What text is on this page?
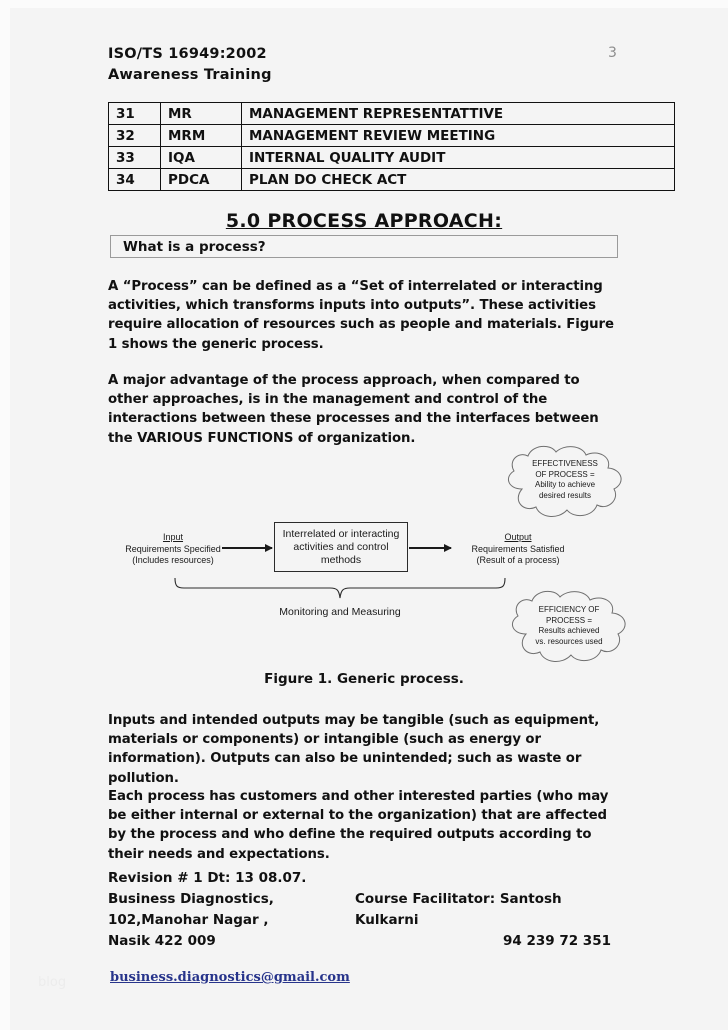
ISO/TS 16949:2002
Awareness Training
3
31	MR	MANAGEMENT REPRESENTATTIVE
32	MRM	MANAGEMENT REVIEW MEETING
33	IQA	INTERNAL QUALITY AUDIT
34	PDCA	PLAN DO CHECK ACT
5.0 PROCESS APPROACH:
What is a process?
A “Process” can be defined as a “Set of interrelated or interacting activities, which transforms inputs into outputs”. These activities require allocation of resources such as people and materials. Figure 1 shows the generic process.
A major advantage of the process approach, when compared to other approaches, is in the management and control of the interactions between these processes and the interfaces between the VARIOUS FUNCTIONS of organization.
EFFECTIVENESS
OF PROCESS =
Ability to achieve
desired results
EFFICIENCY OF
PROCESS =
Results achieved
vs. resources used
Input
Requirements Specified
(Includes resources)
Interrelated or interacting activities and control methods
Output
Requirements Satisfied
(Result of a process)
Monitoring and Measuring
Figure 1. Generic process.
Inputs and intended outputs may be tangible (such as equipment, materials or components) or intangible (such as energy or information). Outputs can also be unintended; such as waste or pollution.
Each process has customers and other interested parties (who may be either internal or external to the organization) that are affected by the process and who define the required outputs according to their needs and expectations.
Revision # 1 Dt: 13 08.07.
Business Diagnostics,
102,Manohar Nagar ,
Nasik 422 009
Course Facilitator: Santosh Kulkarni
94 239 72 351
business.diagnostics@gmail.com
blog
